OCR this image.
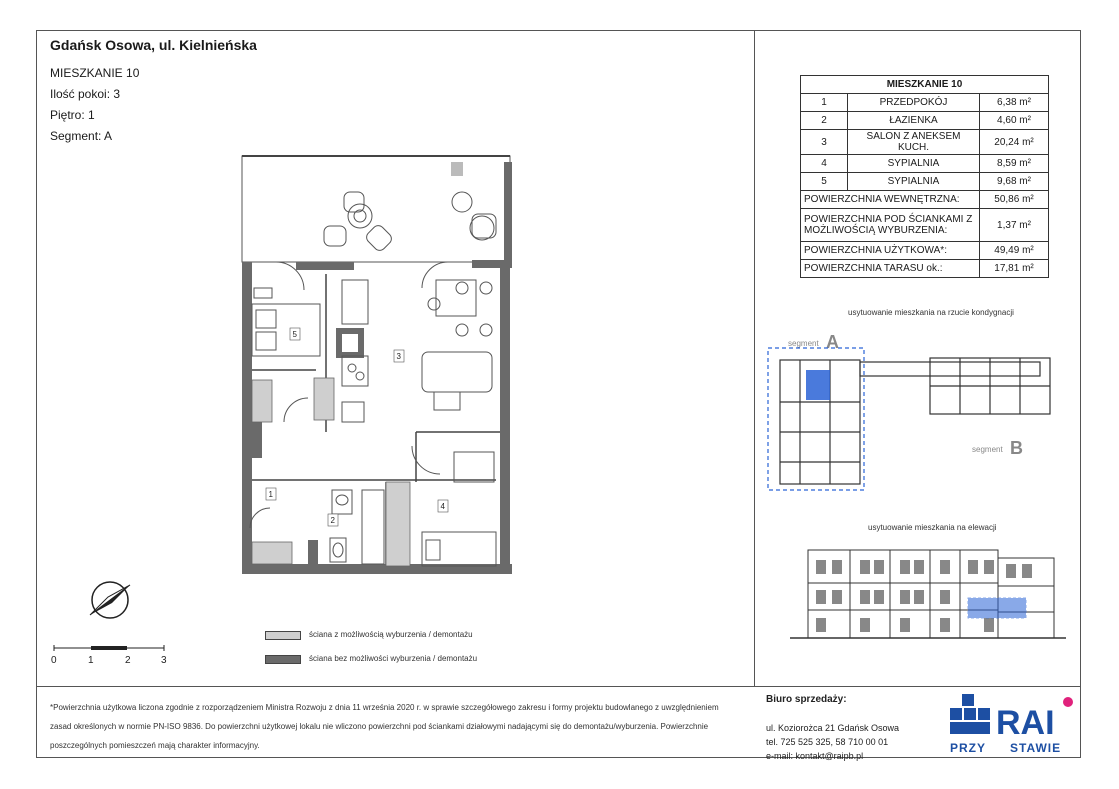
Gdańsk Osowa, ul. Kielnieńska
MIESZKANIE 10
Ilość pokoi: 3
Piętro: 1
Segment: A
5
3
1
2
4
0	1	2	3
ściana z możliwością wyburzenia / demontażu
ściana bez możliwości wyburzenia / demontażu
MIESZKANIE 10		
1	PRZEDPOKÓJ	6,38 m²
2	ŁAZIENKA	4,60 m²
3	SALON Z ANEKSEM KUCH.	20,24 m²
4	SYPIALNIA	8,59 m²
5	SYPIALNIA	9,68 m²
POWIERZCHNIA WEWNĘTRZNA:		50,86 m²
POWIERZCHNIA POD ŚCIANKAMI Z MOŻLIWOŚCIĄ WYBURZENIA:		1,37 m²
POWIERZCHNIA UŻYTKOWA*:		49,49 m²
POWIERZCHNIA TARASU ok.:		17,81 m²
usytuowanie mieszkania na rzucie kondygnacji
segment A
segment B
usytuowanie mieszkania na elewacji
*Powierzchnia użytkowa liczona zgodnie z rozporządzeniem Ministra Rozwoju z dnia 11 września 2020 r. w sprawie szczegółowego zakresu i formy projektu budowlanego z uwzględnieniem zasad określonych w normie PN-ISO 9836. Do powierzchni użytkowej lokalu nie wliczono powierzchni pod ściankami działowymi nadającymi się do demontażu/wyburzenia. Powierzchnie poszczególnych pomieszczeń mają charakter informacyjny.
Biuro sprzedaży:

ul. Koziorożca 21 Gdańsk Osowa
tel. 725 525 325, 58 710 00 01
e-mail: kontakt@raipb.pl
RAI
PRZY STAWIE
